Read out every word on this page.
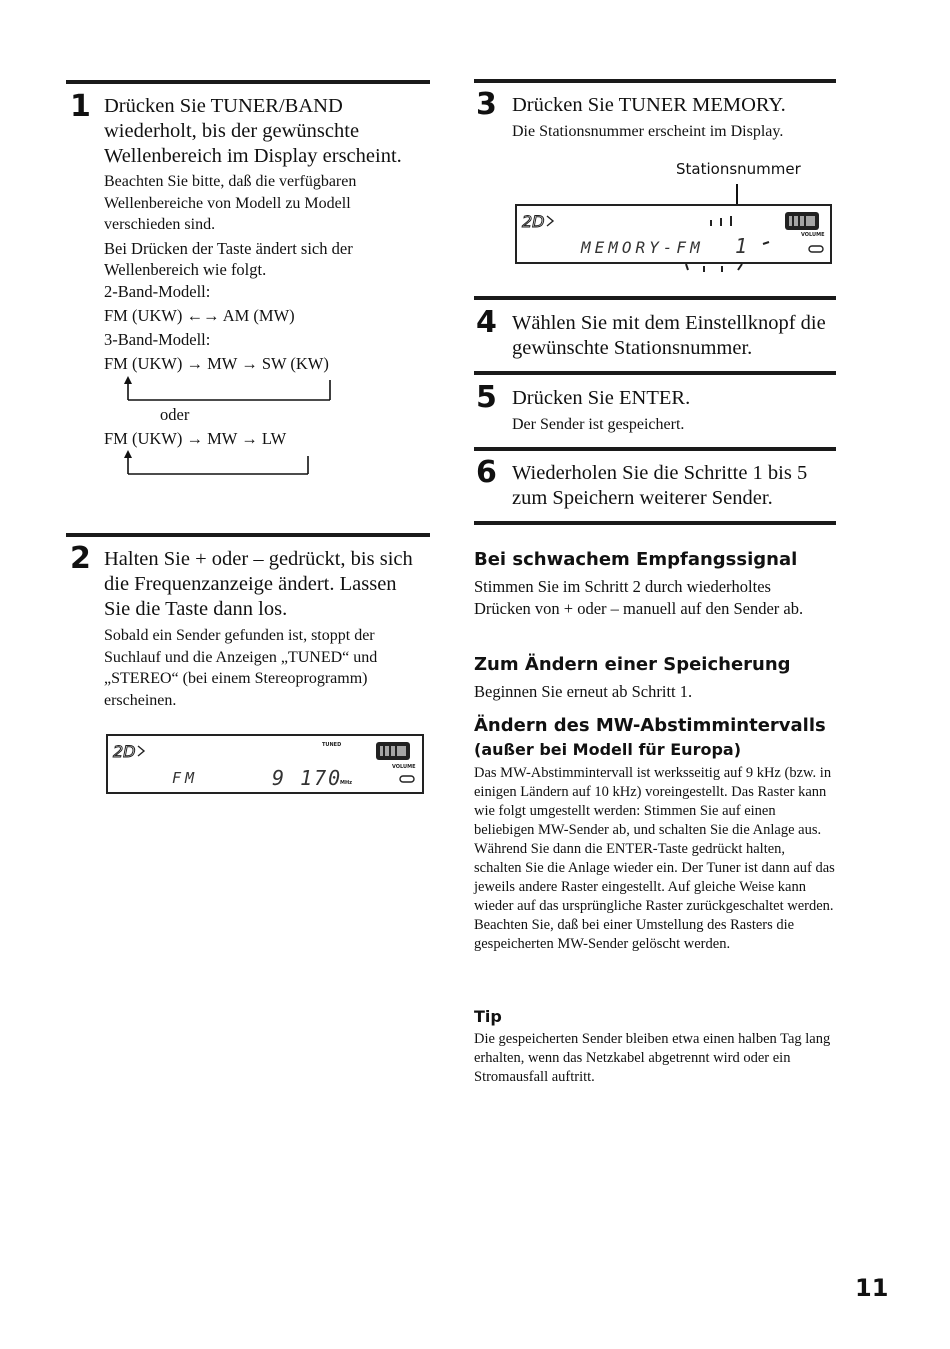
1 Drücken Sie TUNER/BAND wiederholt, bis der gewünschte Wellenbereich im Display erscheint.

Beachten Sie bitte, daß die verfügbaren Wellenbereiche von Modell zu Modell verschieden sind.

Bei Drücken der Taste ändert sich der Wellenbereich wie folgt.

2-Band-Modell:

FM (UKW) ←→ AM (MW)

3-Band-Modell:

FM (UKW) → MW → SW (KW)

oder
FM (UKW) → MW → LW
2 Halten Sie + oder – gedrückt, bis sich die Frequenzanzeige ändert. Lassen Sie die Taste dann los.
Sobald ein Sender gefunden ist, stoppt der Suchlauf und die Anzeigen „TUNED“ und „STEREO“ (bei einem Stereoprogramm) erscheinen.
2D	TUNED
FM	9 170
MHz
VOLUME
3 Drücken Sie TUNER MEMORY.
Die Stationsnummer erscheint im Display.
Stationsnummer
2D
MEMORY-FM 1	VOLUME
4 Wählen Sie mit dem Einstellknopf die gewünschte Stationsnummer.
5 Drücken Sie ENTER.
Der Sender ist gespeichert.
6 Wiederholen Sie die Schritte 1 bis 5 zum Speichern weiterer Sender.
Bei schwachem Empfangssignal
Stimmen Sie im Schritt 2 durch wiederholtes Drücken von + oder – manuell auf den Sender ab.
Zum Ändern einer Speicherung
Beginnen Sie erneut ab Schritt 1.
Ändern des MW-Abstimmintervalls
(außer bei Modell für Europa)
Das MW-Abstimmintervall ist werksseitig auf 9 kHz (bzw. in einigen Ländern auf 10 kHz) voreingestellt. Das Raster kann wie folgt umgestellt werden: Stimmen Sie auf einen beliebigen MW-Sender ab, und schalten Sie die Anlage aus. Während Sie dann die ENTER-Taste gedrückt halten, schalten Sie die Anlage wieder ein. Der Tuner ist dann auf das jeweils andere Raster eingestellt. Auf gleiche Weise kann wieder auf das ursprüngliche Raster zurückgeschaltet werden. Beachten Sie, daß bei einer Umstellung des Rasters die gespeicherten MW-Sender gelöscht werden.
Tip
Die gespeicherten Sender bleiben etwa einen halben Tag lang erhalten, wenn das Netzkabel abgetrennt wird oder ein Stromausfall auftritt.
11
